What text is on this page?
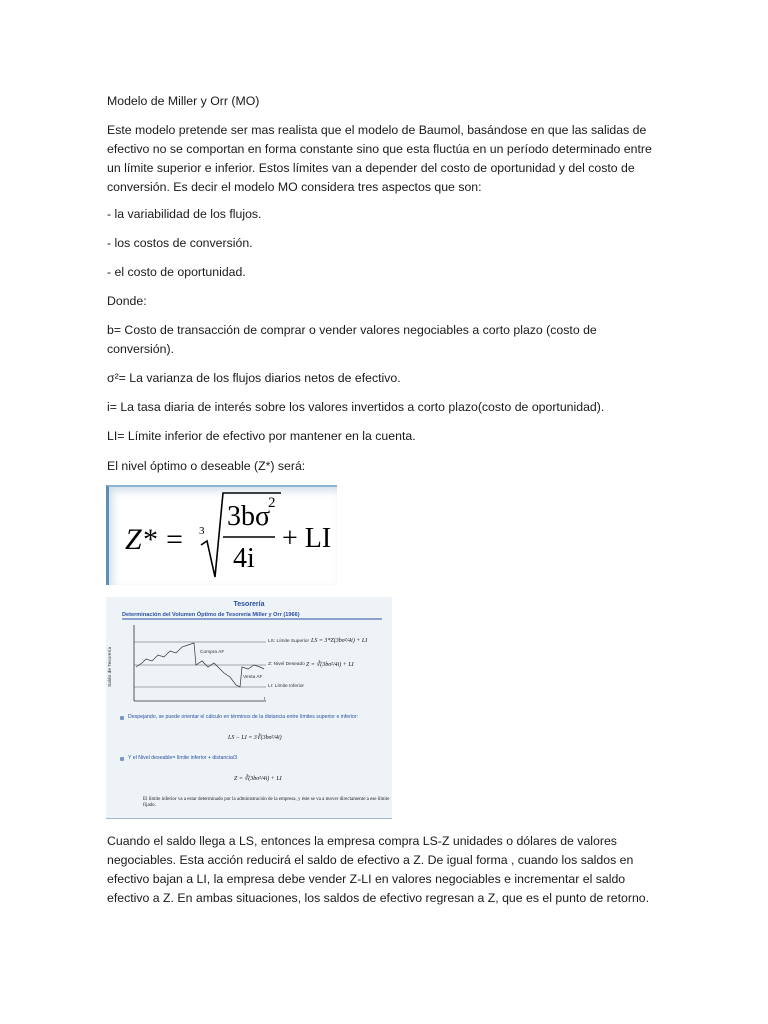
Modelo de Miller y Orr (MO)

Este modelo pretende ser mas realista que el modelo de Baumol, basándose en que las salidas de efectivo no se comportan en forma constante sino que esta fluctúa en un período determinado entre un límite superior e inferior. Estos límites van a depender del costo de oportunidad y del costo de conversión. Es decir el modelo MO considera tres aspectos que son:

- la variabilidad de los flujos.

- los costos de conversión.

- el costo de oportunidad.

Donde:

b= Costo de transacción de comprar o vender valores negociables a corto plazo (costo de conversión).

σ²= La varianza de los flujos diarios netos de efectivo.

i= La tasa diaria de interés sobre los valores invertidos a corto plazo(costo de oportunidad).

LI= Límite inferior de efectivo por mantener en la cuenta.

El nivel óptimo o deseable (Z*) será:

Cuando el saldo llega a LS, entonces la empresa compra LS-Z unidades o dólares de valores negociables. Esta acción reducirá el saldo de efectivo a Z. De igual forma , cuando los saldos en efectivo bajan a LI, la empresa debe vender Z-LI en valores negociables e incrementar el saldo efectivo a Z. En ambas situaciones, los saldos de efectivo regresan a Z, que es el punto de retorno.

Z* = 3 3bσ
2
4i
+ LI
Tesorería
Determinación del Volumen Óptimo de Tesorería Miller y Orr (1966)
Saldo de Tesorería
t
LS: Límite Superior LS = 3*Z(3bσ²/4i) + LI
Z: Nivel Deseado Z = ∛(3bσ²/4i) + LI
LI: Límite Inferior
Compra AF
Venta AF
Despejando, se puede orientar el cálculo en términos de la distancia entre límites superior e inferior:
LS − LI = 3∛(3bσ²/4i)
Y el Nivel deseable= límite inferior + distancia/3
Z = ∛(3bσ²/4i) + LI
El límite inferior va a estar determinado por la administración de la empresa, y éste se va a mover directamente a ese límite fijado.
